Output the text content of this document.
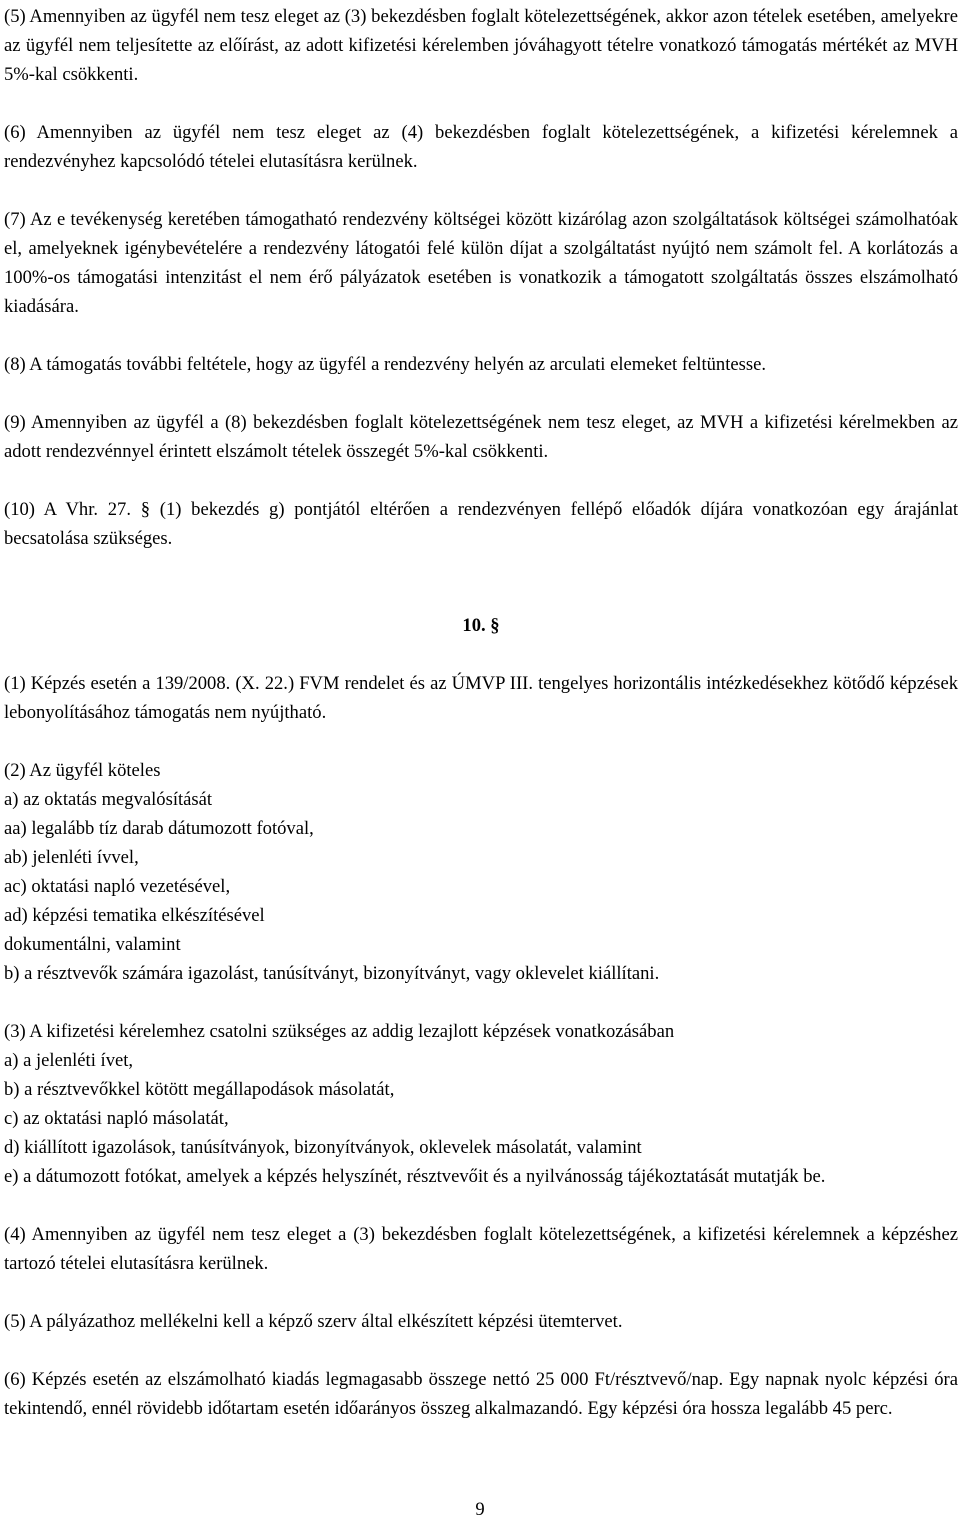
(5) Amennyiben az ügyfél nem tesz eleget az (3) bekezdésben foglalt kötelezettségének, akkor azon tételek esetében, amelyekre az ügyfél nem teljesítette az előírást, az adott kifizetési kérelemben jóváhagyott tételre vonatkozó támogatás mértékét az MVH 5%-kal csökkenti.

(6) Amennyiben az ügyfél nem tesz eleget az (4) bekezdésben foglalt kötelezettségének, a kifizetési kérelemnek a rendezvényhez kapcsolódó tételei elutasításra kerülnek.

(7) Az e tevékenység keretében támogatható rendezvény költségei között kizárólag azon szolgáltatások költségei számolhatóak el, amelyeknek igénybevételére a rendezvény látogatói felé külön díjat a szolgáltatást nyújtó nem számolt fel. A korlátozás a 100%-os támogatási intenzitást el nem érő pályázatok esetében is vonatkozik a támogatott szolgáltatás összes elszámolható kiadására.

(8) A támogatás további feltétele, hogy az ügyfél a rendezvény helyén az arculati elemeket feltüntesse.

(9) Amennyiben az ügyfél a (8) bekezdésben foglalt kötelezettségének nem tesz eleget, az MVH a kifizetési kérelmekben az adott rendezvénnyel érintett elszámolt tételek összegét 5%-kal csökkenti.

(10) A Vhr. 27. § (1) bekezdés g) pontjától eltérően a rendezvényen fellépő előadók díjára vonatkozóan egy árajánlat becsatolása szükséges.

10. §

(1) Képzés esetén a 139/2008. (X. 22.) FVM rendelet és az ÚMVP III. tengelyes horizontális intézkedésekhez kötődő képzések lebonyolításához támogatás nem nyújtható.

(2) Az ügyfél köteles

a) az oktatás megvalósítását

aa) legalább tíz darab dátumozott fotóval,

ab) jelenléti ívvel,

ac) oktatási napló vezetésével,

ad) képzési tematika elkészítésével

dokumentálni, valamint

b) a résztvevők számára igazolást, tanúsítványt, bizonyítványt, vagy oklevelet kiállítani.

(3) A kifizetési kérelemhez csatolni szükséges az addig lezajlott képzések vonatkozásában

a) a jelenléti ívet,

b) a résztvevőkkel kötött megállapodások másolatát,

c) az oktatási napló másolatát,

d) kiállított igazolások, tanúsítványok, bizonyítványok, oklevelek másolatát, valamint

e) a dátumozott fotókat, amelyek a képzés helyszínét, résztvevőit és a nyilvánosság tájékoztatását mutatják be.

(4) Amennyiben az ügyfél nem tesz eleget a (3) bekezdésben foglalt kötelezettségének, a kifizetési kérelemnek a képzéshez tartozó tételei elutasításra kerülnek.

(5) A pályázathoz mellékelni kell a képző szerv által elkészített képzési ütemtervet.

(6) Képzés esetén az elszámolható kiadás legmagasabb összege nettó 25 000 Ft/résztvevő/nap. Egy napnak nyolc képzési óra tekintendő, ennél rövidebb időtartam esetén időarányos összeg alkalmazandó. Egy képzési óra hossza legalább 45 perc.

9
